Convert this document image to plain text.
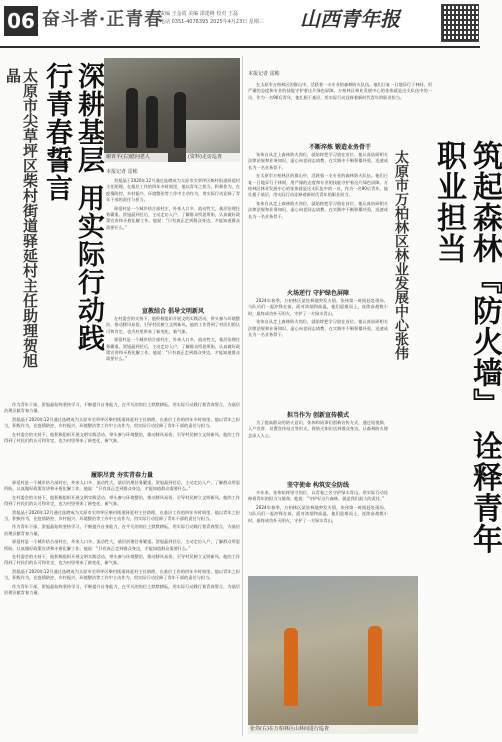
06 奋斗者·正青春
责编 王金霞 美编 邵建峰 校对 王磊
电话 0351-4076395 2025年4月23日 星期三	山西青年报
深耕基层 用实际行动践行青春誓言
太原市尖草坪区柴村街道驿延村主任助理贺旭晶
谢青平(右)慰问老人	(资料)走访巡查
本报记者 雷彬

贺旭晶于2020年12月通过选聘成为太原市尖草坪区柴村街道驿延村主任助理。在基层工作的四年多时间里，他以青年之担当，积极作为，在疫情防控、乡村振兴、环境整治等工作中主动作为，用实际行动诠释了青年干部的责任与担当。

驿延村是一个城乡结合部村庄，外来人口多、流动性大，基层治理任务繁重。贺旭晶到任后，主动走访入户，了解群众所思所盼，认真做好政策宣讲和矛盾化解工作。他说：“只有真正走到群众身边，才能知道群众需要什么。”

宣教结合 倡导文明新风

在村委会的支持下，他积极组织开展文明实践活动，带头参与环境整治，推动移风易俗，引导村民树立文明新风。他的工作得到了村民们的认可和肯定，也为村里带来了新变化、新气象。

驿延村是一个城乡结合部村庄，外来人口多、流动性大，基层治理任务繁重。贺旭晶到任后，主动走访入户，了解群众所思所盼，认真做好政策宣讲和矛盾化解工作。他说：“只有真正走到群众身边，才能知道群众需要什么。”

作为青年干部，贺旭晶始终坚持学习，不断提升自身能力，在平凡的岗位上默默耕耘，用实际行动践行着青春誓言，为基层治理贡献青春力量。

贺旭晶于2020年12月通过选聘成为太原市尖草坪区柴村街道驿延村主任助理。在基层工作的四年多时间里，他以青年之担当，积极作为，在疫情防控、乡村振兴、环境整治等工作中主动作为，用实际行动诠释了青年干部的责任与担当。

在村委会的支持下，他积极组织开展文明实践活动，带头参与环境整治，推动移风易俗，引导村民树立文明新风。他的工作得到了村民们的认可和肯定，也为村里带来了新变化、新气象。

履职尽责 夯实青春力量

驿延村是一个城乡结合部村庄，外来人口多、流动性大，基层治理任务繁重。贺旭晶到任后，主动走访入户，了解群众所思所盼，认真做好政策宣讲和矛盾化解工作。他说：“只有真正走到群众身边，才能知道群众需要什么。”

在村委会的支持下，他积极组织开展文明实践活动，带头参与环境整治，推动移风易俗，引导村民树立文明新风。他的工作得到了村民们的认可和肯定，也为村里带来了新变化、新气象。

贺旭晶于2020年12月通过选聘成为太原市尖草坪区柴村街道驿延村主任助理。在基层工作的四年多时间里，他以青年之担当，积极作为，在疫情防控、乡村振兴、环境整治等工作中主动作为，用实际行动诠释了青年干部的责任与担当。

作为青年干部，贺旭晶始终坚持学习，不断提升自身能力，在平凡的岗位上默默耕耘，用实际行动践行着青春誓言，为基层治理贡献青春力量。

驿延村是一个城乡结合部村庄，外来人口多、流动性大，基层治理任务繁重。贺旭晶到任后，主动走访入户，了解群众所思所盼，认真做好政策宣讲和矛盾化解工作。他说：“只有真正走到群众身边，才能知道群众需要什么。”

在村委会的支持下，他积极组织开展文明实践活动，带头参与环境整治，推动移风易俗，引导村民树立文明新风。他的工作得到了村民们的认可和肯定，也为村里带来了新变化、新气象。

贺旭晶于2020年12月通过选聘成为太原市尖草坪区柴村街道驿延村主任助理。在基层工作的四年多时间里，他以青年之担当，积极作为，在疫情防控、乡村振兴、环境整治等工作中主动作为，用实际行动诠释了青年干部的责任与担当。

作为青年干部，贺旭晶始终坚持学习，不断提升自身能力，在平凡的岗位上默默耕耘，用实际行动践行着青春誓言，为基层治理贡献青春力量。

本报记者 雷彬

在太原市万柏林区的群山中，活跃着一支专业的森林防火队伍。他们日复一日地穿行于林间，用严谨的态度和专业的技能守护着这片绿色屏障。万柏林区林业发展中心的张伟就是这支队伍中的一员，作为一名90后青年，他扎根于基层，用实际行动诠释着新时代青年的职业担当。

不断淬炼 锻造业务骨干

张伟自从走上森林防火岗位，就始终把学习放在首位。他认真钻研相关法律法规和业务知识，虚心向老同志请教，在实践中不断积累经验，迅速成长为一名业务骨干。

在太原市万柏林区的群山中，活跃着一支专业的森林防火队伍。他们日复一日地穿行于林间，用严谨的态度和专业的技能守护着这片绿色屏障。万柏林区林业发展中心的张伟就是这支队伍中的一员，作为一名90后青年，他扎根于基层，用实际行动诠释着新时代青年的职业担当。

张伟自从走上森林防火岗位，就始终把学习放在首位。他认真钻研相关法律法规和业务知识，虚心向老同志请教，在实践中不断积累经验，迅速成长为一名业务骨干。

火场逆行 守护绿色屏障

2024年春季，万柏林区某处林地突发火情，张伟第一时间赶赴现场，与队员们一起冲锋在前。面对浓烟和高温，他们迎难而上，连续奋战数小时，最终成功扑灭明火，守护了一方绿水青山。

张伟自从走上森林防火岗位，就始终把学习放在首位。他认真钻研相关法律法规和业务知识，虚心向老同志请教，在实践中不断积累经验，迅速成长为一名业务骨干。

担当作为 创新宣传模式

为了提高群众的防火意识，张伟和同事们创新宣传方式，通过短视频、入户宣讲、设置宣传站点等形式，将防火知识送到群众身边，让森林防火理念深入人心。

坚守使命 构筑安全防线

多年来，张伟始终坚守岗位，以青春之名守护绿水青山，用实际行动诠释着青年的担当与使命。他说：“守护好这片森林，就是我们最大的责任。”

2024年春季，万柏林区某处林地突发火情，张伟第一时间赶赴现场，与队员们一起冲锋在前。面对浓烟和高温，他们迎难而上，连续奋战数小时，最终成功扑灭明火，守护了一方绿水青山。	筑起森林『防火墙』 诠释青年职业担当
太原市万柏林区林业发展中心张伟
张伟(右)在万柏林区山林间进行巡查
